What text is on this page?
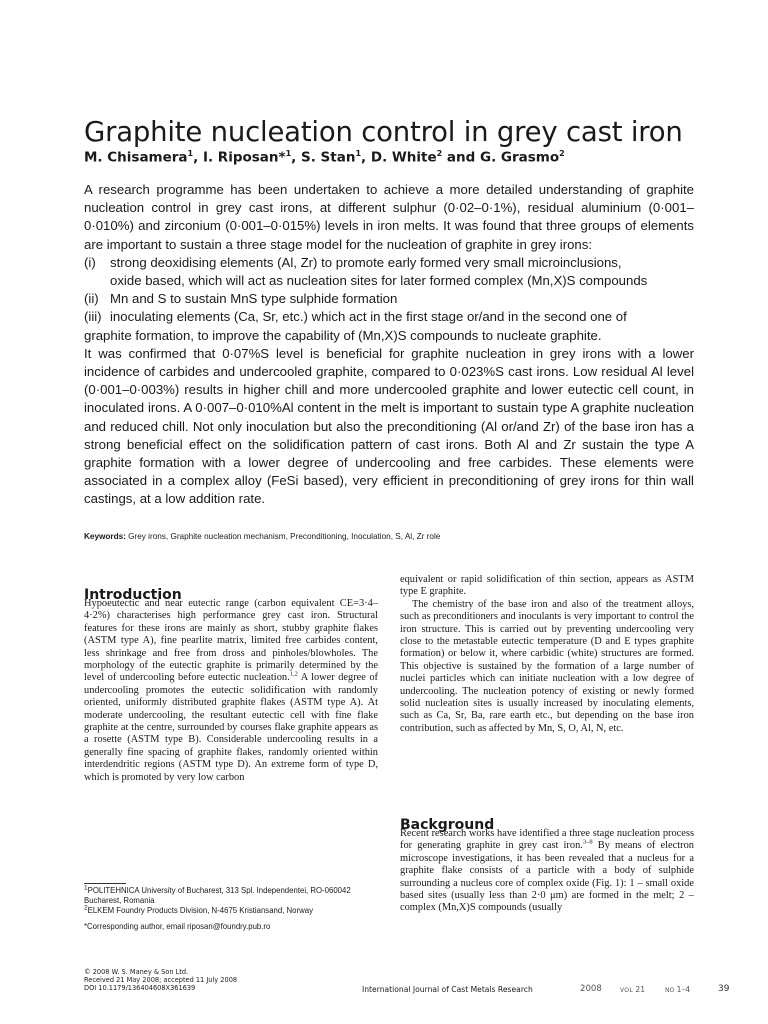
Graphite nucleation control in grey cast iron
M. Chisamera$^1$, I. Riposan*$^1$, S. Stan$^1$, D. White$^2$ and G. Grasmo$^2$

A research programme has been undertaken to achieve a more detailed understanding of graphite nucleation control in grey cast irons, at different sulphur (0·02–0·1%), residual aluminium (0·001–0·010%) and zirconium (0·001–0·015%) levels in iron melts. It was found that three groups of elements are important to sustain a three stage model for the nucleation of graphite in grey irons:

(i)	strong deoxidising elements (Al, Zr) to promote early formed very small microinclusions,
oxide based, which will act as nucleation sites for later formed complex (Mn,X)S compounds
(ii) Mn and S to sustain MnS type sulphide formation
(iii) inoculating elements (Ca, Sr, etc.) which act in the first stage or/and in the second one of
graphite formation, to improve the capability of (Mn,X)S compounds to nucleate graphite.

It was confirmed that 0·07%S level is beneficial for graphite nucleation in grey irons with a lower incidence of carbides and undercooled graphite, compared to 0·023%S cast irons. Low residual Al level (0·001–0·003%) results in higher chill and more undercooled graphite and lower eutectic cell count, in inoculated irons. A 0·007–0·010%Al content in the melt is important to sustain type A graphite nucleation and reduced chill. Not only inoculation but also the preconditioning (Al or/and Zr) of the base iron has a strong beneficial effect on the solidification pattern of cast irons. Both Al and Zr sustain the type A graphite formation with a lower degree of undercooling and free carbides. These elements were associated in a complex alloy (FeSi based), very efficient in preconditioning of grey irons for thin wall castings, at a low addition rate.

Keywords: Grey irons, Graphite nucleation mechanism, Preconditioning, Inoculation, S, Al, Zr role
Introduction

Hypoeutectic and near eutectic range (carbon equivalent CE=3·4–4·2%) characterises high performance grey cast iron. Structural features for these irons are mainly as short, stubby graphite flakes (ASTM type A), fine pearlite matrix, limited free carbides content, less shrinkage and free from dross and pinholes/blowholes. The morphology of the eutectic graphite is primarily determined by the level of undercooling before eutectic nucleation.$^{1,2}$ A lower degree of undercooling promotes the eutectic solidification with randomly oriented, uniformly distributed graphite flakes (ASTM type A). At moderate undercooling, the resultant eutectic cell with fine flake graphite at the centre, surrounded by courses flake graphite appears as a rosette (ASTM type B). Considerable undercooling results in a generally fine spacing of graphite flakes, randomly oriented within interdendritic regions (ASTM type D). An extreme form of type D, which is promoted by very low carbon

equivalent or rapid solidification of thin section, appears as ASTM type E graphite.

The chemistry of the base iron and also of the treatment alloys, such as preconditioners and inoculants is very important to control the iron structure. This is carried out by preventing undercooling very close to the metastable eutectic temperature (D and E types graphite formation) or below it, where carbidic (white) structures are formed. This objective is sustained by the formation of a large number of nuclei particles which can initiate nucleation with a low degree of undercooling. The nucleation potency of existing or newly formed solid nucleation sites is usually increased by inoculating elements, such as Ca, Sr, Ba, rare earth etc., but depending on the base iron contribution, such as affected by Mn, S, O, Al, N, etc.

Background

Recent research works have identified a three stage nucleation process for generating graphite in grey cast iron.$^{3-8}$ By means of electron microscope investigations, it has been revealed that a nucleus for a graphite flake consists of a particle with a body of sulphide surrounding a nucleus core of complex oxide (Fig. 1): 1 – small oxide based sites (usually less than 2·0 μm) are formed in the melt; 2 – complex (Mn,X)S compounds (usually

$^1$POLITEHNICA University of Bucharest, 313 Spl. Independentei, RO-060042 Bucharest, Romania

$^2$ELKEM Foundry Products Division, N-4675 Kristiansand, Norway

*Corresponding author, email riposan@foundry.pub.ro

© 2008 W. S. Maney & Son Ltd.

Received 21 May 2008; accepted 11 July 2008

DOI 10.1179/136404608X361639	International Journal of Cast Metals Research	2008	VOL 21	NO 1–4	39
